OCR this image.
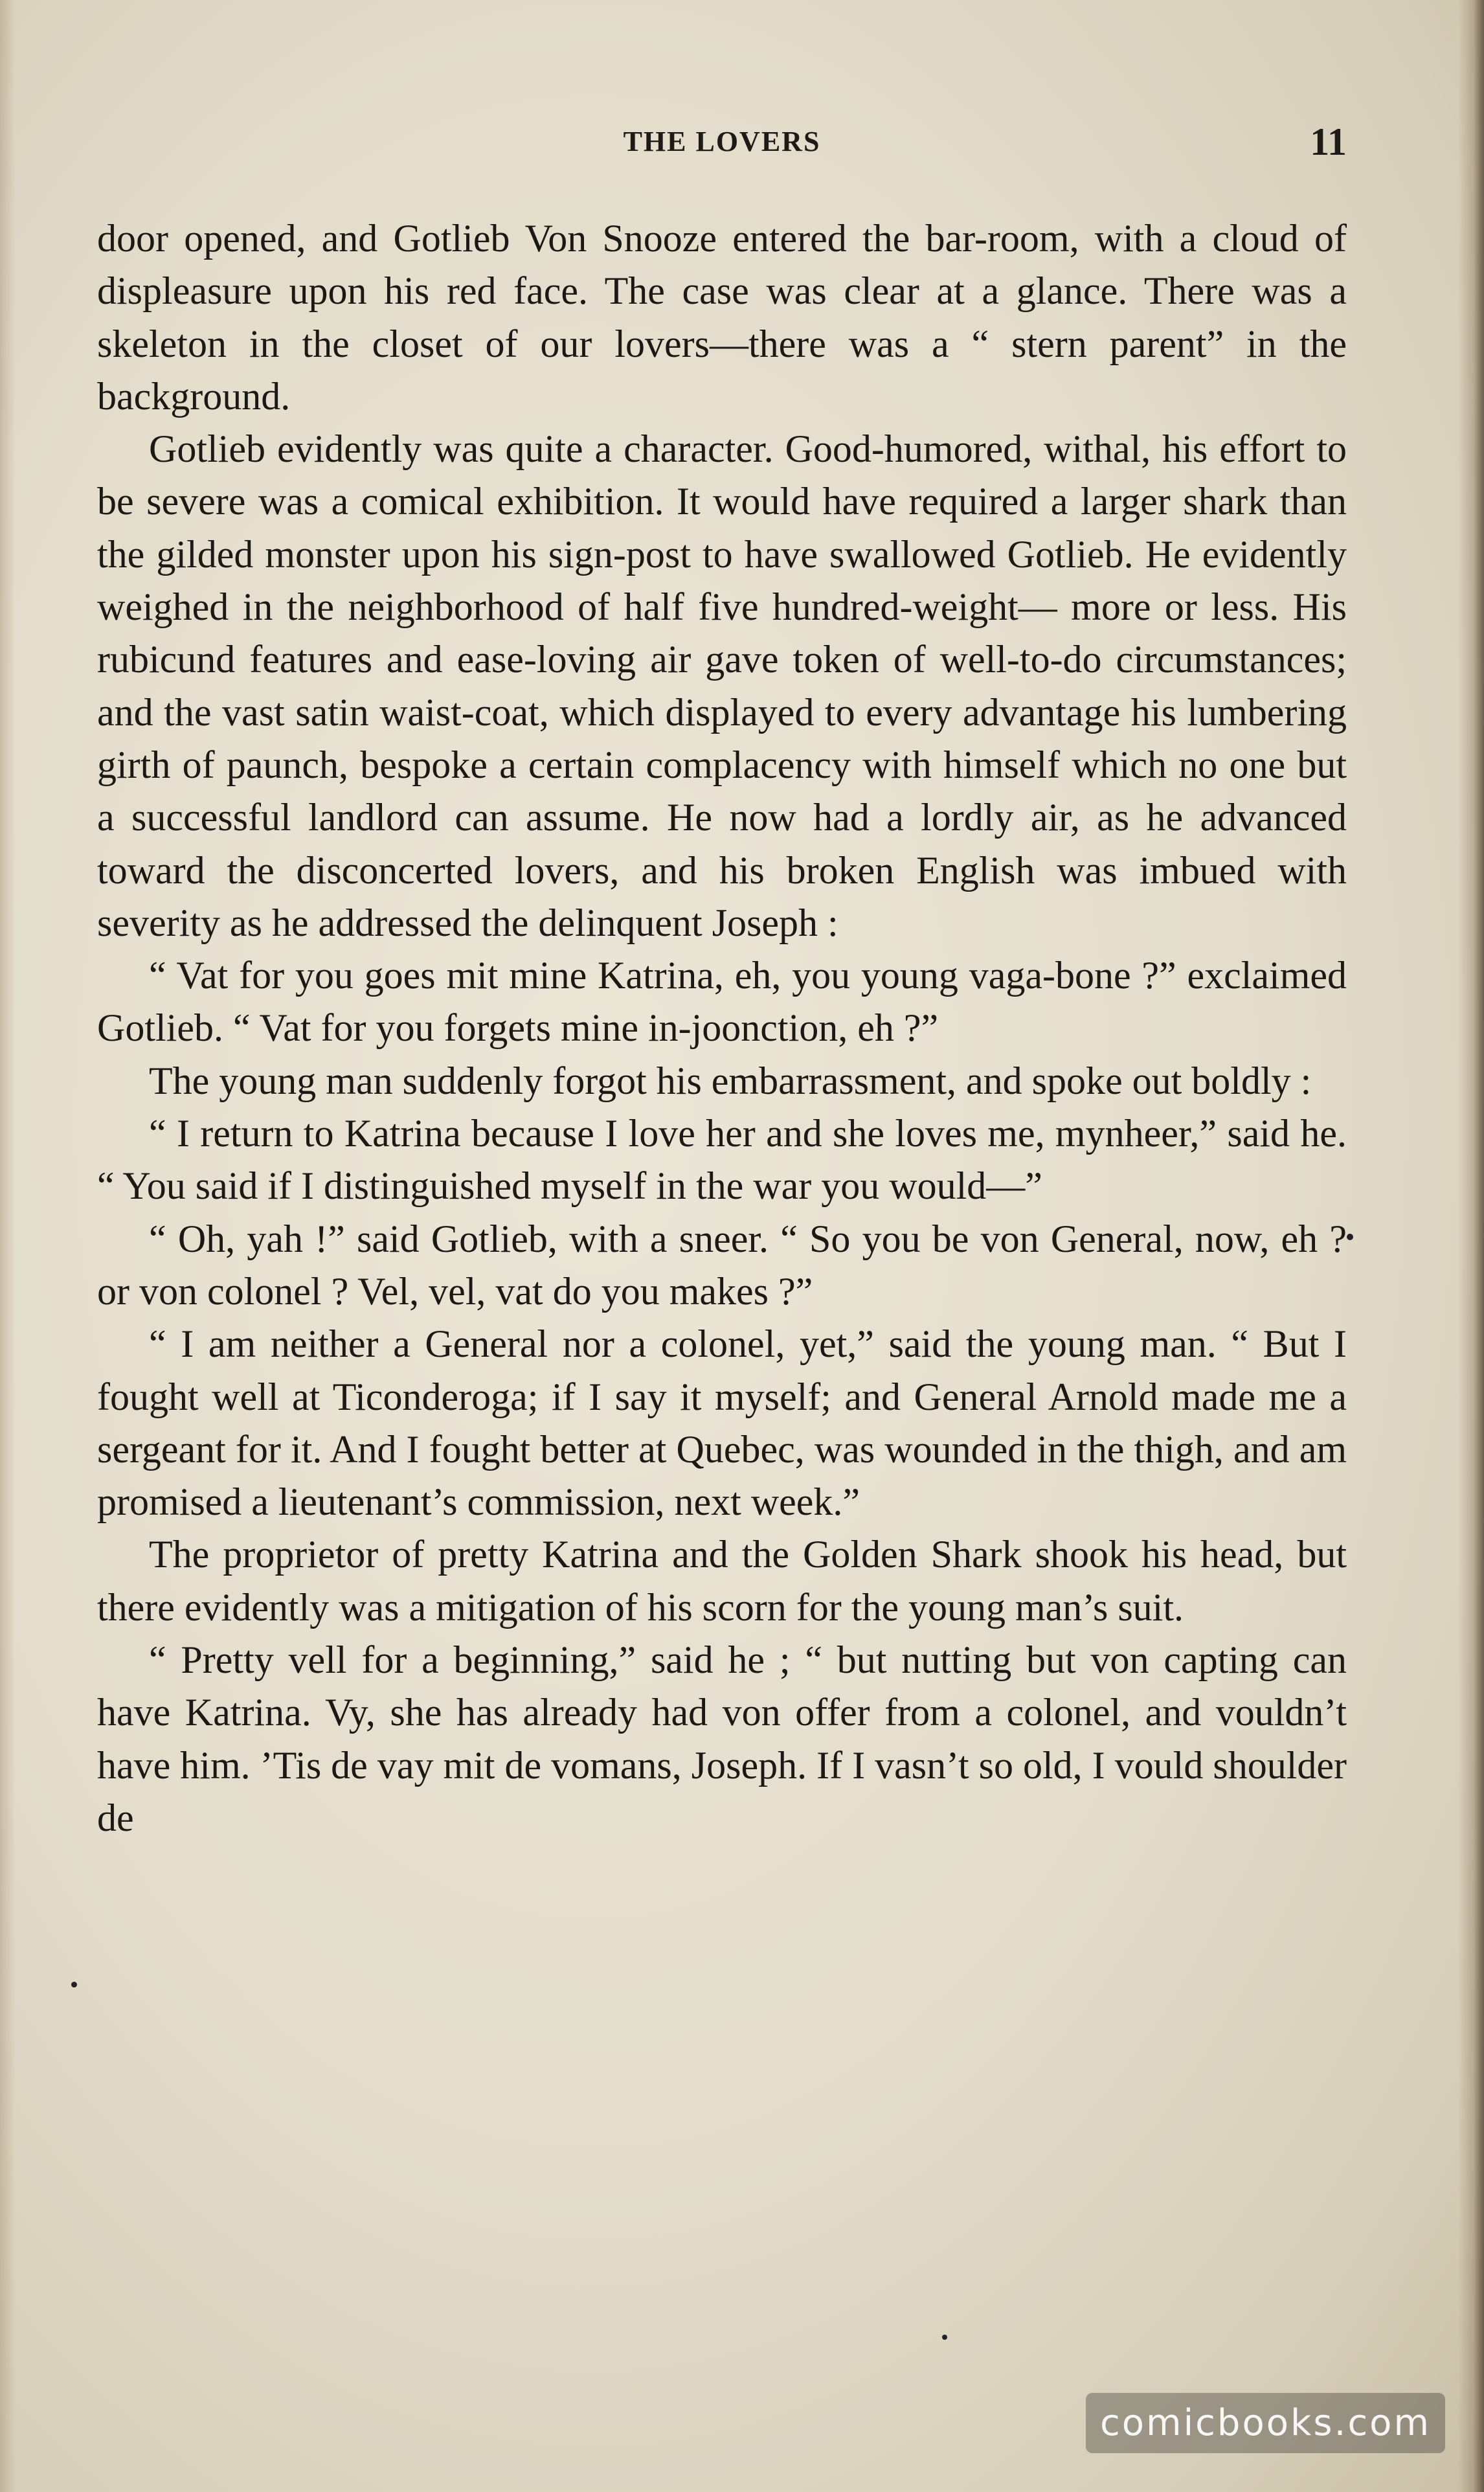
THE LOVERS	11

door opened, and Gotlieb Von Snooze entered the bar-room, with a cloud of displeasure upon his red face. The case was clear at a glance. There was a skeleton in the closet of our lovers—there was a “ stern parent” in the background.

Gotlieb evidently was quite a character. Good-humored, withal, his effort to be severe was a comical exhibition. It would have required a larger shark than the gilded monster upon his sign-post to have swallowed Gotlieb. He evidently weighed in the neighborhood of half five hundred-weight— more or less. His rubicund features and ease-loving air gave token of well-to-do circumstances; and the vast satin waist-coat, which displayed to every advantage his lumbering girth of paunch, bespoke a certain complacency with himself which no one but a successful landlord can assume. He now had a lordly air, as he advanced toward the disconcerted lovers, and his broken English was imbued with severity as he addressed the delinquent Joseph :

“ Vat for you goes mit mine Katrina, eh, you young vaga-bone ?” exclaimed Gotlieb. “ Vat for you forgets mine in-joonction, eh ?”

The young man suddenly forgot his embarrassment, and spoke out boldly :

“ I return to Katrina because I love her and she loves me, mynheer,” said he. “ You said if I distinguished myself in the war you would—”

“ Oh, yah !” said Gotlieb, with a sneer. “ So you be von General, now, eh ? or von colonel ? Vel, vel, vat do you makes ?”

“ I am neither a General nor a colonel, yet,” said the young man. “ But I fought well at Ticonderoga; if I say it myself; and General Arnold made me a sergeant for it. And I fought better at Quebec, was wounded in the thigh, and am promised a lieutenant’s commission, next week.”

The proprietor of pretty Katrina and the Golden Shark shook his head, but there evidently was a mitigation of his scorn for the young man’s suit.

“ Pretty vell for a beginning,” said he ; “ but nutting but von capting can have Katrina. Vy, she has already had von offer from a colonel, and vouldn’t have him. ’Tis de vay mit de vomans, Joseph. If I vasn’t so old, I vould shoulder de

comicbooks.com
